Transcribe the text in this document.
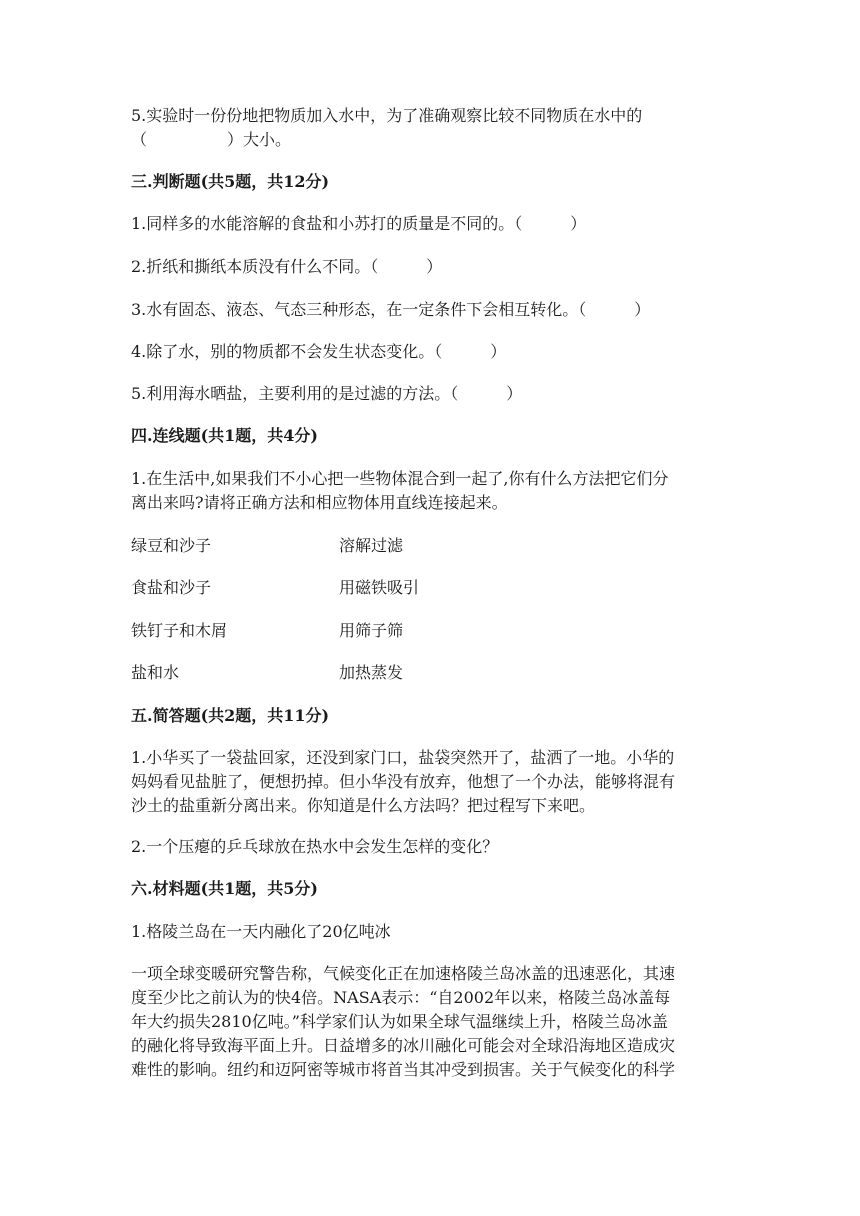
5.实验时一份份地把物质加入水中，为了准确观察比较不同物质在水中的
（　　　　　）大小。
三.判断题(共5题，共12分)
1.同样多的水能溶解的食盐和小苏打的质量是不同的。（　　　）
2.折纸和撕纸本质没有什么不同。（　　　）
3.水有固态、液态、气态三种形态，在一定条件下会相互转化。（　　　）
4.除了水，别的物质都不会发生状态变化。（　　　）
5.利用海水晒盐，主要利用的是过滤的方法。（　　　）
四.连线题(共1题，共4分)
1.在生活中,如果我们不小心把一些物体混合到一起了,你有什么方法把它们分
离出来吗?请将正确方法和相应物体用直线连接起来。
绿豆和沙子	溶解过滤
食盐和沙子	用磁铁吸引
铁钉子和木屑	用筛子筛
盐和水	加热蒸发
五.简答题(共2题，共11分)
1.小华买了一袋盐回家，还没到家门口，盐袋突然开了，盐洒了一地。小华的
妈妈看见盐脏了，便想扔掉。但小华没有放弃，他想了一个办法，能够将混有
沙土的盐重新分离出来。你知道是什么方法吗？把过程写下来吧。
2.一个压瘪的乒乓球放在热水中会发生怎样的变化？
六.材料题(共1题，共5分)
1.格陵兰岛在一天内融化了20亿吨冰
一项全球变暖研究警告称，气候变化正在加速格陵兰岛冰盖的迅速恶化，其速
度至少比之前认为的快4倍。NASA表示：“自2002年以来，格陵兰岛冰盖每
年大约损失2810亿吨。”科学家们认为如果全球气温继续上升，格陵兰岛冰盖
的融化将导致海平面上升。日益增多的冰川融化可能会对全球沿海地区造成灾
难性的影响。纽约和迈阿密等城市将首当其冲受到损害。关于气候变化的科学
